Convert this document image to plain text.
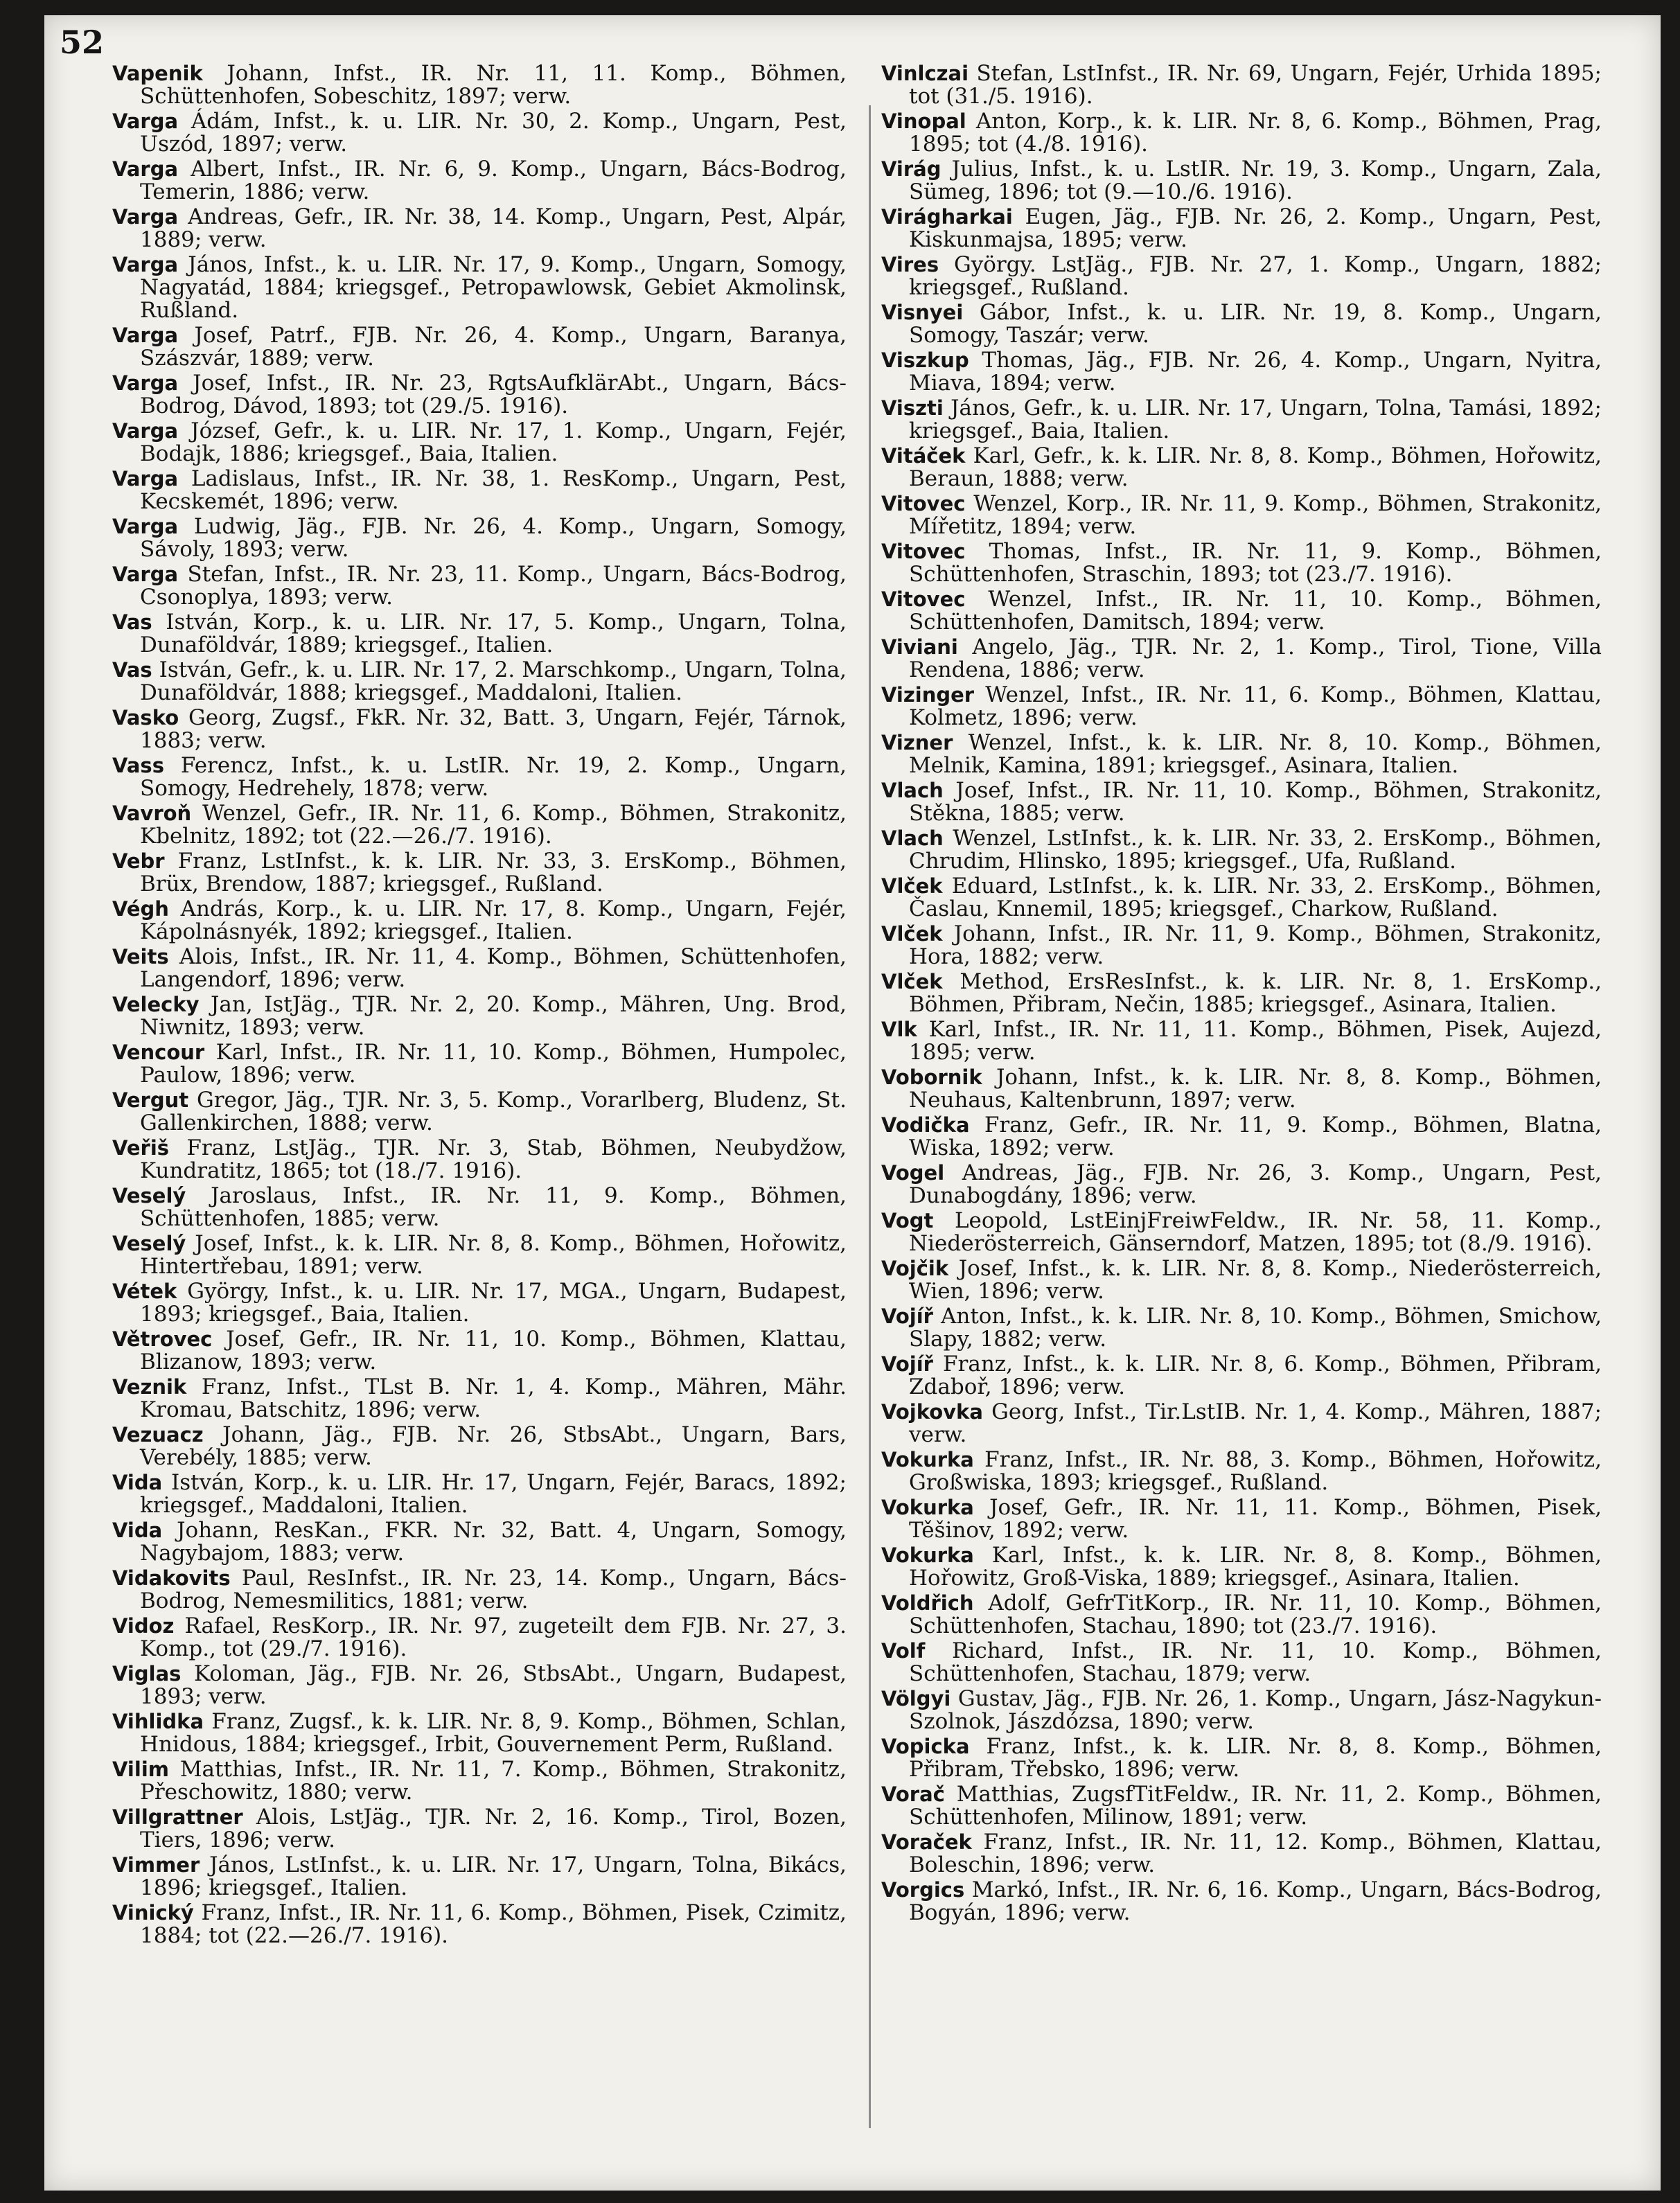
52

Vapenik Johann, Infst., IR. Nr. 11, 11. Komp., Böhmen, Schüttenhofen, Sobeschitz, 1897; verw.

Varga Ádám, Infst., k. u. LIR. Nr. 30, 2. Komp., Ungarn, Pest, Uszód, 1897; verw.

Varga Albert, Infst., IR. Nr. 6, 9. Komp., Ungarn, Bács-Bodrog, Temerin, 1886; verw.

Varga Andreas, Gefr., IR. Nr. 38, 14. Komp., Ungarn, Pest, Alpár, 1889; verw.

Varga János, Infst., k. u. LIR. Nr. 17, 9. Komp., Ungarn, Somogy, Nagyatád, 1884; kriegsgef., Petropawlowsk, Gebiet Akmolinsk, Rußland.

Varga Josef, Patrf., FJB. Nr. 26, 4. Komp., Ungarn, Baranya, Szászvár, 1889; verw.

Varga Josef, Infst., IR. Nr. 23, RgtsAufklärAbt., Ungarn, Bács-Bodrog, Dávod, 1893; tot (29./5. 1916).

Varga József, Gefr., k. u. LIR. Nr. 17, 1. Komp., Ungarn, Fejér, Bodajk, 1886; kriegsgef., Baia, Italien.

Varga Ladislaus, Infst., IR. Nr. 38, 1. ResKomp., Ungarn, Pest, Kecskemét, 1896; verw.

Varga Ludwig, Jäg., FJB. Nr. 26, 4. Komp., Ungarn, Somogy, Sávoly, 1893; verw.

Varga Stefan, Infst., IR. Nr. 23, 11. Komp., Ungarn, Bács-Bodrog, Csonoplya, 1893; verw.

Vas István, Korp., k. u. LIR. Nr. 17, 5. Komp., Ungarn, Tolna, Dunaföldvár, 1889; kriegsgef., Italien.

Vas István, Gefr., k. u. LIR. Nr. 17, 2. Marschkomp., Ungarn, Tolna, Dunaföldvár, 1888; kriegsgef., Maddaloni, Italien.

Vasko Georg, Zugsf., FkR. Nr. 32, Batt. 3, Ungarn, Fejér, Tárnok, 1883; verw.

Vass Ferencz, Infst., k. u. LstIR. Nr. 19, 2. Komp., Ungarn, Somogy, Hedrehely, 1878; verw.

Vavroň Wenzel, Gefr., IR. Nr. 11, 6. Komp., Böhmen, Strakonitz, Kbelnitz, 1892; tot (22.—26./7. 1916).

Vebr Franz, LstInfst., k. k. LIR. Nr. 33, 3. ErsKomp., Böhmen, Brüx, Brendow, 1887; kriegsgef., Rußland.

Végh András, Korp., k. u. LIR. Nr. 17, 8. Komp., Ungarn, Fejér, Kápolnásnyék, 1892; kriegsgef., Italien.

Veits Alois, Infst., IR. Nr. 11, 4. Komp., Böhmen, Schüttenhofen, Langendorf, 1896; verw.

Velecky Jan, IstJäg., TJR. Nr. 2, 20. Komp., Mähren, Ung. Brod, Niwnitz, 1893; verw.

Vencour Karl, Infst., IR. Nr. 11, 10. Komp., Böhmen, Humpolec, Paulow, 1896; verw.

Vergut Gregor, Jäg., TJR. Nr. 3, 5. Komp., Vorarlberg, Bludenz, St. Gallenkirchen, 1888; verw.

Veřiš Franz, LstJäg., TJR. Nr. 3, Stab, Böhmen, Neubydžow, Kundratitz, 1865; tot (18./7. 1916).

Veselý Jaroslaus, Infst., IR. Nr. 11, 9. Komp., Böhmen, Schüttenhofen, 1885; verw.

Veselý Josef, Infst., k. k. LIR. Nr. 8, 8. Komp., Böhmen, Hořowitz, Hintertřebau, 1891; verw.

Vétek György, Infst., k. u. LIR. Nr. 17, MGA., Ungarn, Budapest, 1893; kriegsgef., Baia, Italien.

Větrovec Josef, Gefr., IR. Nr. 11, 10. Komp., Böhmen, Klattau, Blizanow, 1893; verw.

Veznik Franz, Infst., TLst B. Nr. 1, 4. Komp., Mähren, Mähr. Kromau, Batschitz, 1896; verw.

Vezuacz Johann, Jäg., FJB. Nr. 26, StbsAbt., Ungarn, Bars, Verebély, 1885; verw.

Vida István, Korp., k. u. LIR. Hr. 17, Ungarn, Fejér, Baracs, 1892; kriegsgef., Maddaloni, Italien.

Vida Johann, ResKan., FKR. Nr. 32, Batt. 4, Ungarn, Somogy, Nagybajom, 1883; verw.

Vidakovits Paul, ResInfst., IR. Nr. 23, 14. Komp., Ungarn, Bács-Bodrog, Nemesmilitics, 1881; verw.

Vidoz Rafael, ResKorp., IR. Nr. 97, zugeteilt dem FJB. Nr. 27, 3. Komp., tot (29./7. 1916).

Viglas Koloman, Jäg., FJB. Nr. 26, StbsAbt., Ungarn, Budapest, 1893; verw.

Vihlidka Franz, Zugsf., k. k. LIR. Nr. 8, 9. Komp., Böhmen, Schlan, Hnidous, 1884; kriegsgef., Irbit, Gouvernement Perm, Rußland.

Vilim Matthias, Infst., IR. Nr. 11, 7. Komp., Böhmen, Strakonitz, Přeschowitz, 1880; verw.

Villgrattner Alois, LstJäg., TJR. Nr. 2, 16. Komp., Tirol, Bozen, Tiers, 1896; verw.

Vimmer János, LstInfst., k. u. LIR. Nr. 17, Ungarn, Tolna, Bikács, 1896; kriegsgef., Italien.

Vinický Franz, Infst., IR. Nr. 11, 6. Komp., Böhmen, Pisek, Czimitz, 1884; tot (22.—26./7. 1916).

Vinlczai Stefan, LstInfst., IR. Nr. 69, Ungarn, Fejér, Urhida 1895; tot (31./5. 1916).

Vinopal Anton, Korp., k. k. LIR. Nr. 8, 6. Komp., Böhmen, Prag, 1895; tot (4./8. 1916).

Virág Julius, Infst., k. u. LstIR. Nr. 19, 3. Komp., Ungarn, Zala, Sümeg, 1896; tot (9.—10./6. 1916).

Virágharkai Eugen, Jäg., FJB. Nr. 26, 2. Komp., Ungarn, Pest, Kiskunmajsa, 1895; verw.

Vires György. LstJäg., FJB. Nr. 27, 1. Komp., Ungarn, 1882; kriegsgef., Rußland.

Visnyei Gábor, Infst., k. u. LIR. Nr. 19, 8. Komp., Ungarn, Somogy, Taszár; verw.

Viszkup Thomas, Jäg., FJB. Nr. 26, 4. Komp., Ungarn, Nyitra, Miava, 1894; verw.

Viszti János, Gefr., k. u. LIR. Nr. 17, Ungarn, Tolna, Tamási, 1892; kriegsgef., Baia, Italien.

Vitáček Karl, Gefr., k. k. LIR. Nr. 8, 8. Komp., Böhmen, Hořowitz, Beraun, 1888; verw.

Vitovec Wenzel, Korp., IR. Nr. 11, 9. Komp., Böhmen, Strakonitz, Mířetitz, 1894; verw.

Vitovec Thomas, Infst., IR. Nr. 11, 9. Komp., Böhmen, Schüttenhofen, Straschin, 1893; tot (23./7. 1916).

Vitovec Wenzel, Infst., IR. Nr. 11, 10. Komp., Böhmen, Schüttenhofen, Damitsch, 1894; verw.

Viviani Angelo, Jäg., TJR. Nr. 2, 1. Komp., Tirol, Tione, Villa Rendena, 1886; verw.

Vizinger Wenzel, Infst., IR. Nr. 11, 6. Komp., Böhmen, Klattau, Kolmetz, 1896; verw.

Vizner Wenzel, Infst., k. k. LIR. Nr. 8, 10. Komp., Böhmen, Melnik, Kamina, 1891; kriegsgef., Asinara, Italien.

Vlach Josef, Infst., IR. Nr. 11, 10. Komp., Böhmen, Strakonitz, Stěkna, 1885; verw.

Vlach Wenzel, LstInfst., k. k. LIR. Nr. 33, 2. ErsKomp., Böhmen, Chrudim, Hlinsko, 1895; kriegsgef., Ufa, Rußland.

Vlček Eduard, LstInfst., k. k. LIR. Nr. 33, 2. ErsKomp., Böhmen, Časlau, Knnemil, 1895; kriegsgef., Charkow, Rußland.

Vlček Johann, Infst., IR. Nr. 11, 9. Komp., Böhmen, Strakonitz, Hora, 1882; verw.

Vlček Method, ErsResInfst., k. k. LIR. Nr. 8, 1. ErsKomp., Böhmen, Přibram, Nečin, 1885; kriegsgef., Asinara, Italien.

Vlk Karl, Infst., IR. Nr. 11, 11. Komp., Böhmen, Pisek, Aujezd, 1895; verw.

Vobornik Johann, Infst., k. k. LIR. Nr. 8, 8. Komp., Böhmen, Neuhaus, Kaltenbrunn, 1897; verw.

Vodička Franz, Gefr., IR. Nr. 11, 9. Komp., Böhmen, Blatna, Wiska, 1892; verw.

Vogel Andreas, Jäg., FJB. Nr. 26, 3. Komp., Ungarn, Pest, Dunabogdány, 1896; verw.

Vogt Leopold, LstEinjFreiwFeldw., IR. Nr. 58, 11. Komp., Niederösterreich, Gänserndorf, Matzen, 1895; tot (8./9. 1916).

Vojčik Josef, Infst., k. k. LIR. Nr. 8, 8. Komp., Niederösterreich, Wien, 1896; verw.

Vojíř Anton, Infst., k. k. LIR. Nr. 8, 10. Komp., Böhmen, Smichow, Slapy, 1882; verw.

Vojíř Franz, Infst., k. k. LIR. Nr. 8, 6. Komp., Böhmen, Přibram, Zdaboř, 1896; verw.

Vojkovka Georg, Infst., Tir.LstIB. Nr. 1, 4. Komp., Mähren, 1887; verw.

Vokurka Franz, Infst., IR. Nr. 88, 3. Komp., Böhmen, Hořowitz, Großwiska, 1893; kriegsgef., Rußland.

Vokurka Josef, Gefr., IR. Nr. 11, 11. Komp., Böhmen, Pisek, Těšinov, 1892; verw.

Vokurka Karl, Infst., k. k. LIR. Nr. 8, 8. Komp., Böhmen, Hořowitz, Groß-Viska, 1889; kriegsgef., Asinara, Italien.

Voldřich Adolf, GefrTitKorp., IR. Nr. 11, 10. Komp., Böhmen, Schüttenhofen, Stachau, 1890; tot (23./7. 1916).

Volf Richard, Infst., IR. Nr. 11, 10. Komp., Böhmen, Schüttenhofen, Stachau, 1879; verw.

Völgyi Gustav, Jäg., FJB. Nr. 26, 1. Komp., Ungarn, Jász-Nagykun-Szolnok, Jászdózsa, 1890; verw.

Vopicka Franz, Infst., k. k. LIR. Nr. 8, 8. Komp., Böhmen, Přibram, Třebsko, 1896; verw.

Vorač Matthias, ZugsfTitFeldw., IR. Nr. 11, 2. Komp., Böhmen, Schüttenhofen, Milinow, 1891; verw.

Voraček Franz, Infst., IR. Nr. 11, 12. Komp., Böhmen, Klattau, Boleschin, 1896; verw.

Vorgics Markó, Infst., IR. Nr. 6, 16. Komp., Ungarn, Bács-Bodrog, Bogyán, 1896; verw.
